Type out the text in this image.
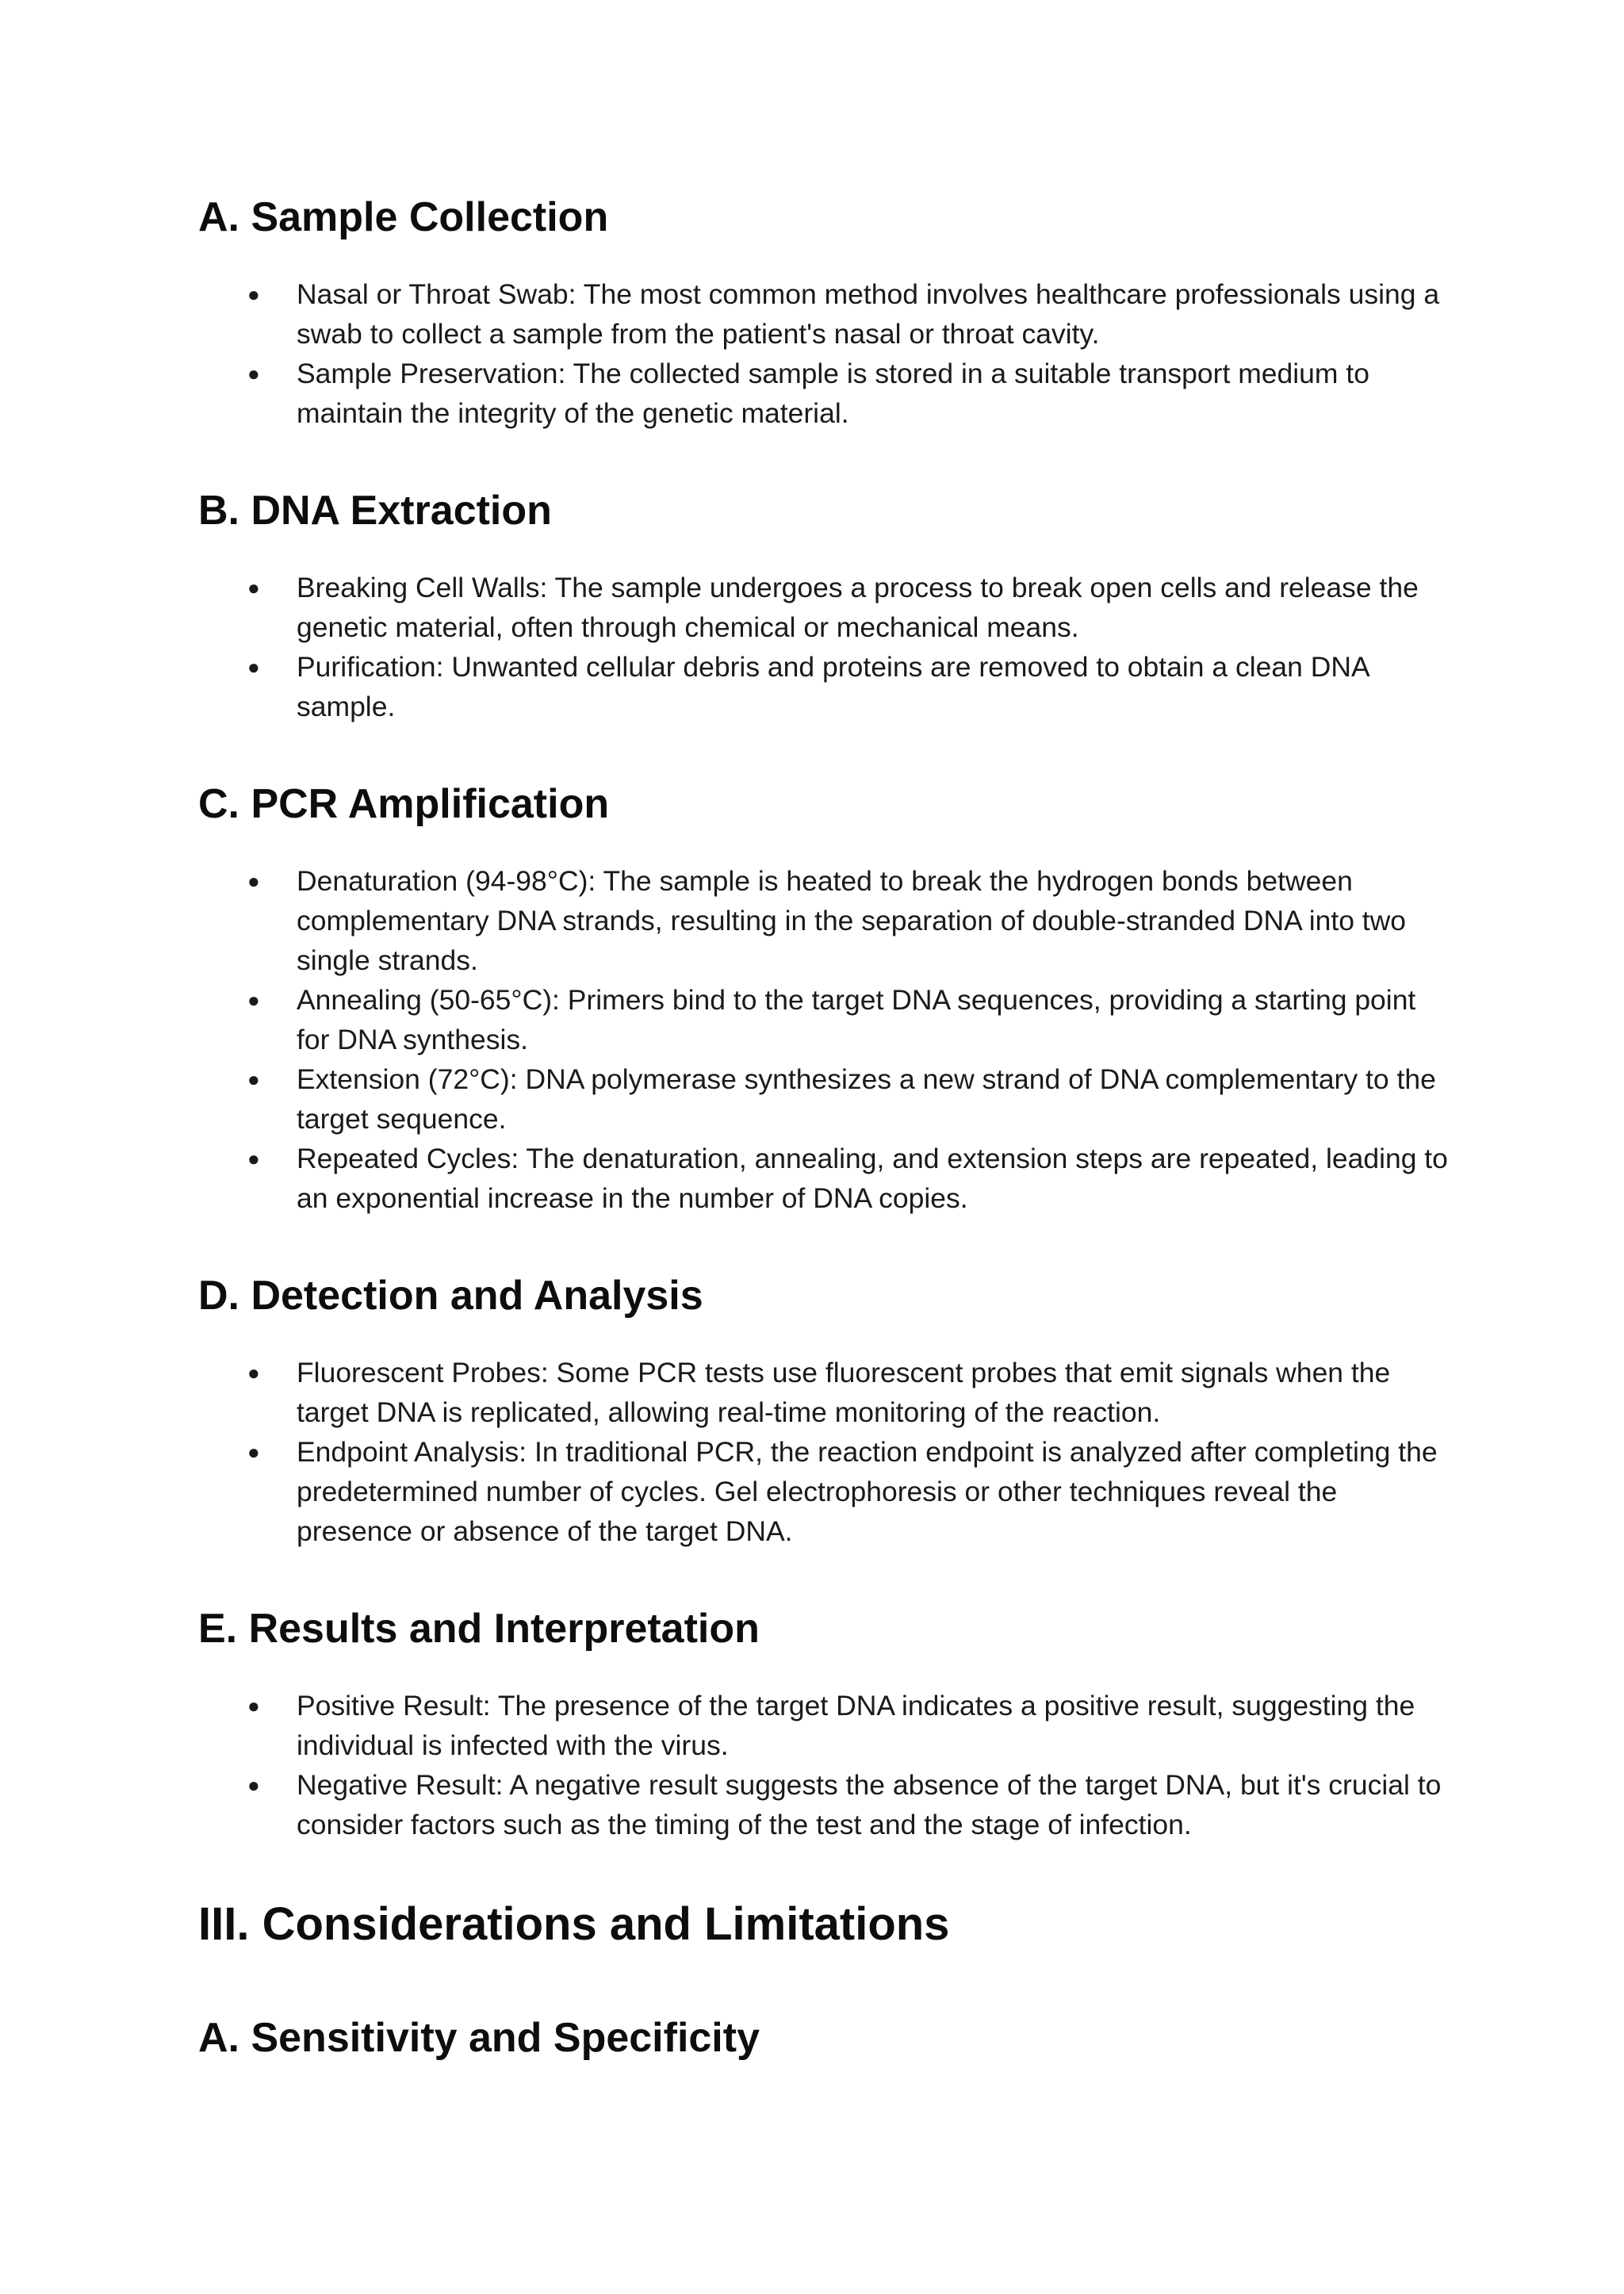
A. Sample Collection
● Nasal or Throat Swab: The most common method involves healthcare professionals using a swab to collect a sample from the patient's nasal or throat cavity.
● Sample Preservation: The collected sample is stored in a suitable transport medium to maintain the integrity of the genetic material.
B. DNA Extraction
● Breaking Cell Walls: The sample undergoes a process to break open cells and release the genetic material, often through chemical or mechanical means.
● Purification: Unwanted cellular debris and proteins are removed to obtain a clean DNA sample.
C. PCR Amplification
● Denaturation (94-98°C): The sample is heated to break the hydrogen bonds between complementary DNA strands, resulting in the separation of double-stranded DNA into two single strands.
● Annealing (50-65°C): Primers bind to the target DNA sequences, providing a starting point for DNA synthesis.
● Extension (72°C): DNA polymerase synthesizes a new strand of DNA complementary to the target sequence.
● Repeated Cycles: The denaturation, annealing, and extension steps are repeated, leading to an exponential increase in the number of DNA copies.
D. Detection and Analysis
● Fluorescent Probes: Some PCR tests use fluorescent probes that emit signals when the target DNA is replicated, allowing real-time monitoring of the reaction.
● Endpoint Analysis: In traditional PCR, the reaction endpoint is analyzed after completing the predetermined number of cycles. Gel electrophoresis or other techniques reveal the presence or absence of the target DNA.
E. Results and Interpretation
● Positive Result: The presence of the target DNA indicates a positive result, suggesting the individual is infected with the virus.
● Negative Result: A negative result suggests the absence of the target DNA, but it's crucial to consider factors such as the timing of the test and the stage of infection.
III. Considerations and Limitations
A. Sensitivity and Specificity
